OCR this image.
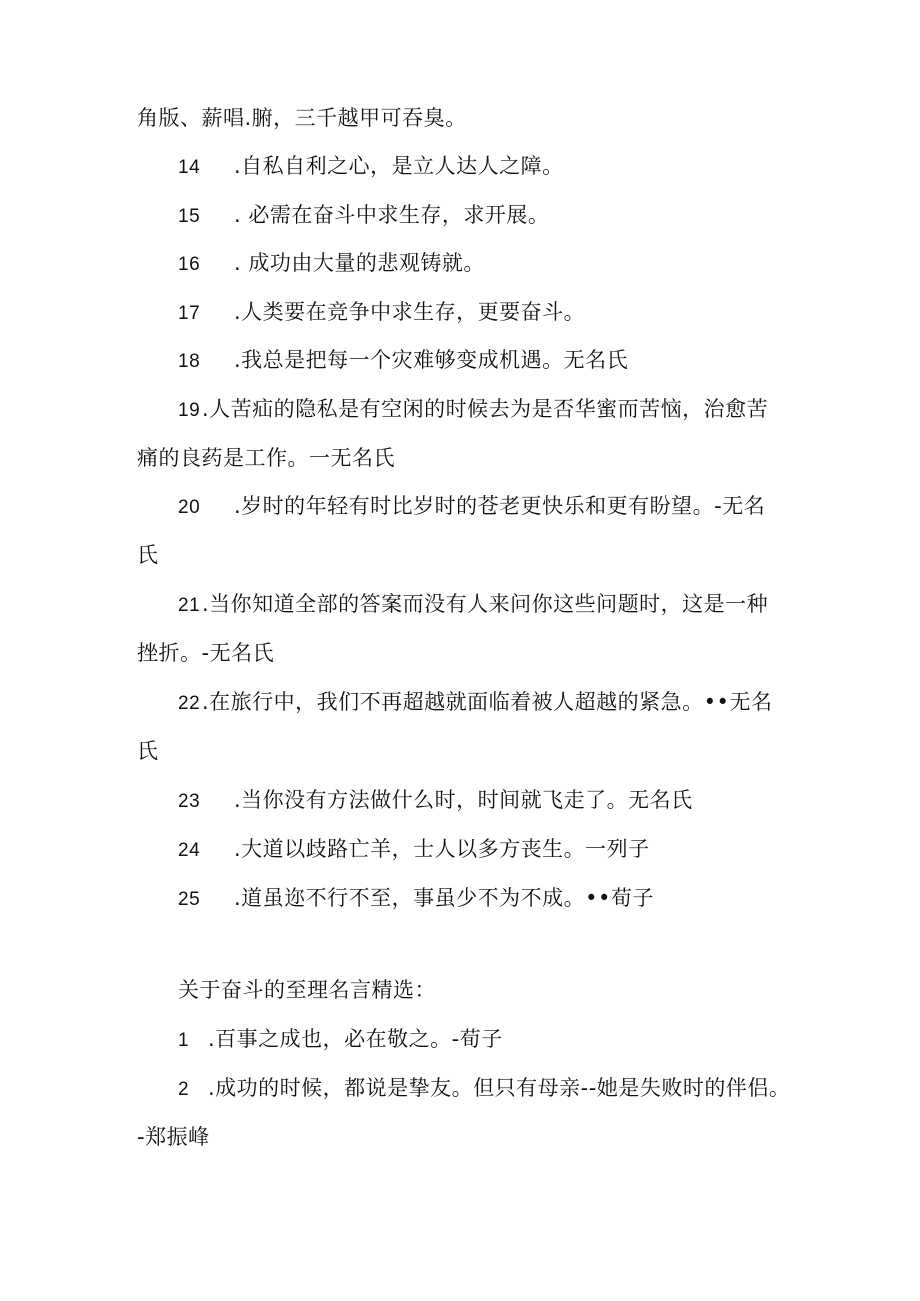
角版、薪唱.腑，三千越甲可吞臭。
14 .自私自利之心，是立人达人之障。
15 . 必需在奋斗中求生存，求开展。
16 . 成功由大量的悲观铸就。
17 .人类要在竞争中求生存，更要奋斗。
18 .我总是把每一个灾难够变成机遇。无名氏
19.人苦疝的隐私是有空闲的时候去为是否华蜜而苦恼，治愈苦
痛的良药是工作。一无名氏
20 .岁时的年轻有时比岁时的苍老更快乐和更有盼望。-无名
氏
21.当你知道全部的答案而没有人来问你这些问题时，这是一种
挫折。-无名氏
22.在旅行中，我们不再超越就面临着被人超越的紧急。••无名
氏
23 .当你没有方法做什么时，时间就飞走了。无名氏
24 .大道以歧路亡羊，士人以多方丧生。一列子
25 .道虽迩不行不至，事虽少不为不成。••荀子
关于奋斗的至理名言精选：
1 .百事之成也，必在敬之。-荀子
2 .成功的时候，都说是挚友。但只有母亲--她是失败时的伴侣。
-郑振峰
